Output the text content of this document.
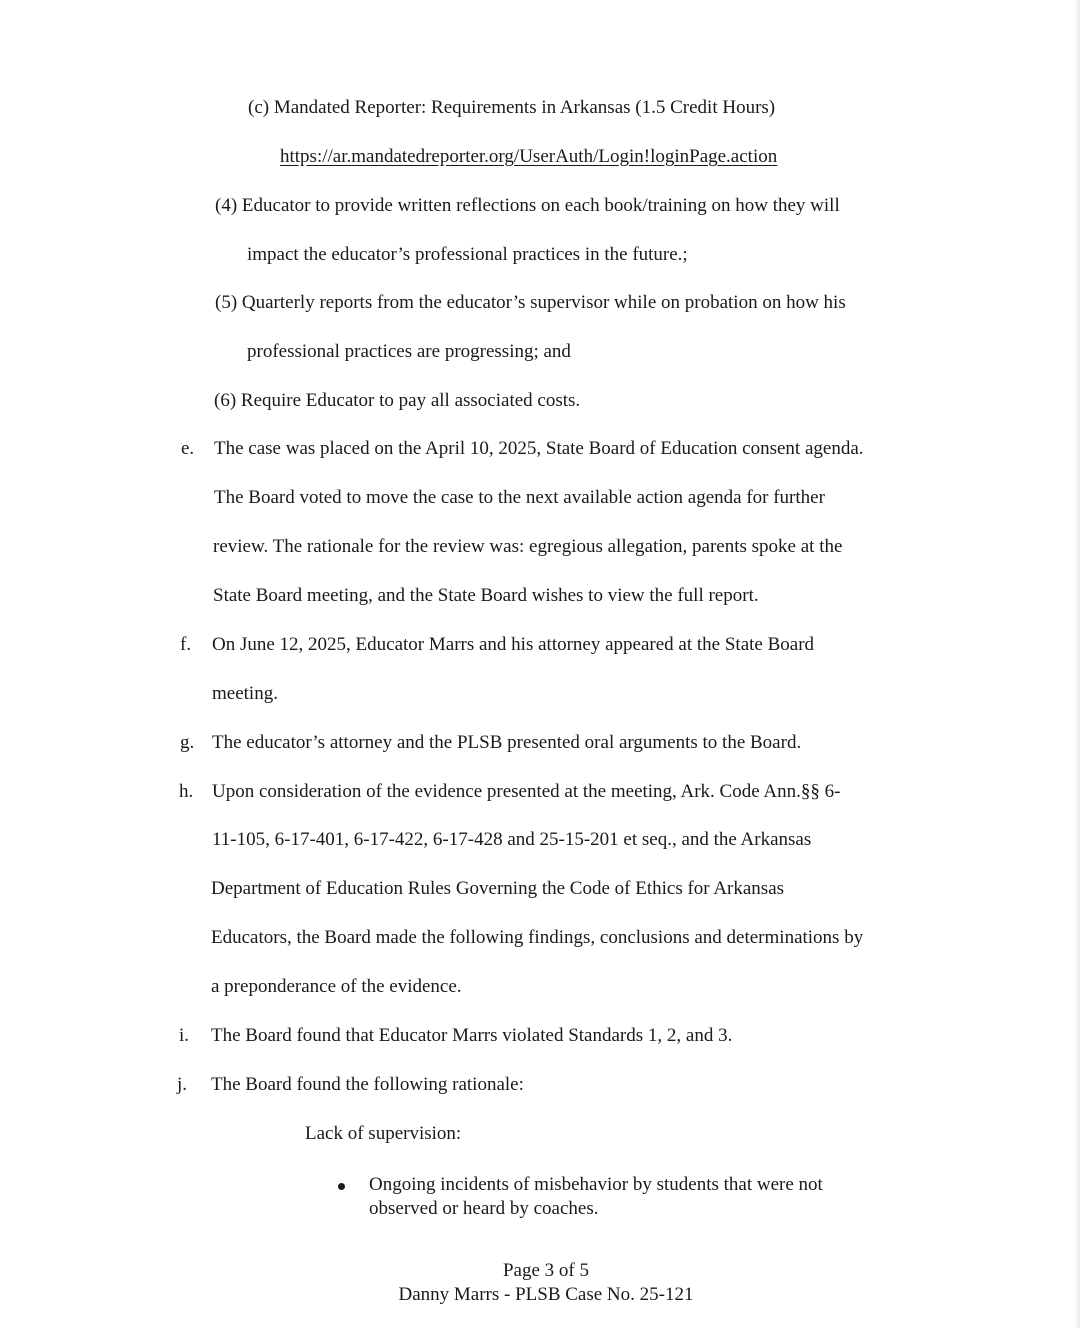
(c) Mandated Reporter: Requirements in Arkansas (1.5 Credit Hours)
https://ar.mandatedreporter.org/UserAuth/Login!loginPage.action
(4) Educator to provide written reflections on each book/training on how they will
impact the educator’s professional practices in the future.;
(5) Quarterly reports from the educator’s supervisor while on probation on how his
professional practices are progressing; and
(6) Require Educator to pay all associated costs.
e. The case was placed on the April 10, 2025, State Board of Education consent agenda.
The Board voted to move the case to the next available action agenda for further
review. The rationale for the review was: egregious allegation, parents spoke at the
State Board meeting, and the State Board wishes to view the full report.
f. On June 12, 2025, Educator Marrs and his attorney appeared at the State Board
meeting.
g. The educator’s attorney and the PLSB presented oral arguments to the Board.
h. Upon consideration of the evidence presented at the meeting, Ark. Code Ann.§§ 6-
11-105, 6-17-401, 6-17-422, 6-17-428 and 25-15-201 et seq., and the Arkansas
Department of Education Rules Governing the Code of Ethics for Arkansas
Educators, the Board made the following findings, conclusions and determinations by
a preponderance of the evidence.
i. The Board found that Educator Marrs violated Standards 1, 2, and 3.
j. The Board found the following rationale:
Lack of supervision:
Ongoing incidents of misbehavior by students that were not
observed or heard by coaches.
Page 3 of 5
Danny Marrs - PLSB Case No. 25-121
